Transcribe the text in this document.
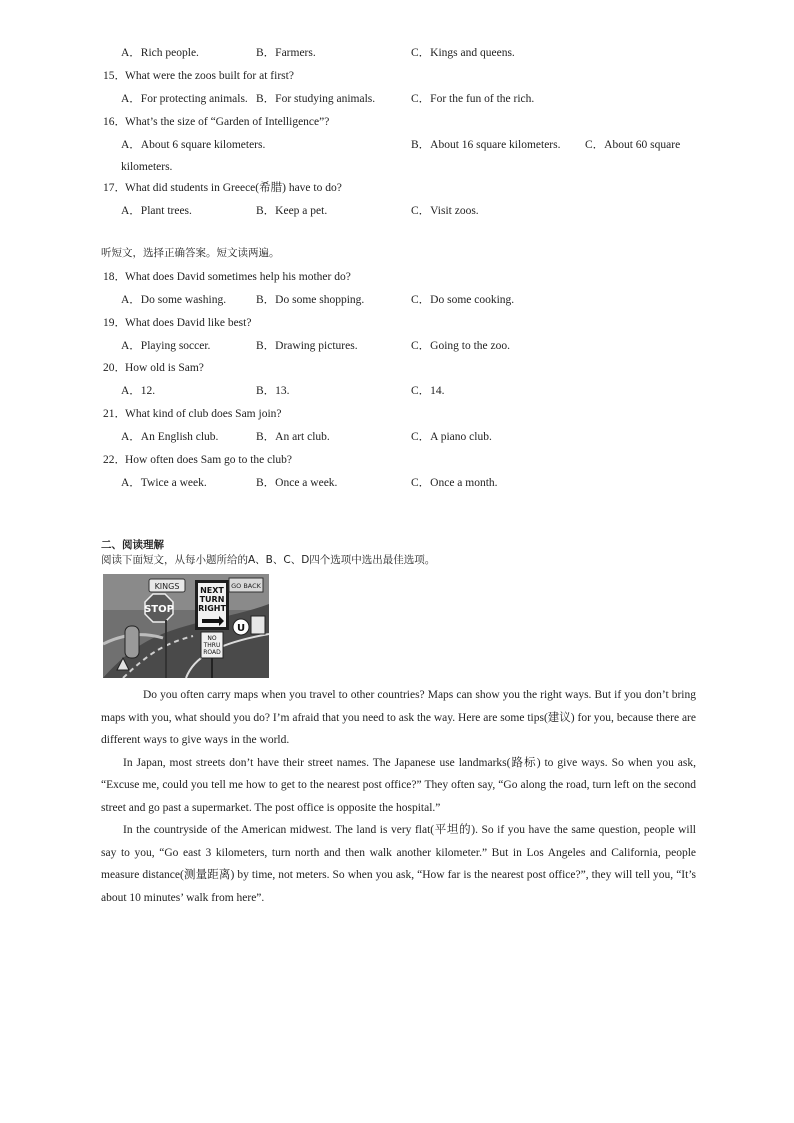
A．Rich people.	B．Farmers.	C．Kings and queens.
15． What were the zoos built for at first?
A．For protecting animals. B．For studying animals.	C．For the fun of the rich.
16． What’s the size of “Garden of Intelligence”?
A．About 6 square kilometers.	B．About 16 square kilometers. C．About 60 square
kilometers.
17． What did students in Greece(希腊) have to do?
A．Plant trees.	B．Keep a pet.	C．Visit zoos.
听短文，选择正确答案。短文读两遍。
18． What does David sometimes help his mother do?
A．Do some washing.	B．Do some shopping.	C．Do some cooking.
19． What does David like best?
A．Playing soccer.	B．Drawing pictures.	C．Going to the zoo.
20． How old is Sam?
A．12.	B．13.	C．14.
21． What kind of club does Sam join?
A．An English club.	B．An art club.	C．A piano club.
22． How often does Sam go to the club?
A．Twice a week.	B．Once a week.	C．Once a month.
二、阅读理解
阅读下面短文，从每小题所给的A、B、C、D四个选项中选出最佳选项。
KINGS
STOP
NEXT
TURN
RIGHT
GO BACK
NO
THRU
ROAD
U

Do you often carry maps when you travel to other countries? Maps can show you the right ways. But if you don’t bring maps with you, what should you do? I’m afraid that you need to ask the way. Here are some tips(建议) for you, because there are different ways to give ways in the world.

In Japan, most streets don’t have their street names. The Japanese use landmarks(路标) to give ways. So when you ask, “Excuse me, could you tell me how to get to the nearest post office?” They often say, “Go along the road, turn left on the second street and go past a supermarket. The post office is opposite the hospital.”

In the countryside of the American midwest. The land is very flat(平坦的). So if you have the same question, people will say to you, “Go east 3 kilometers, turn north and then walk another kilometer.” But in Los Angeles and California, people measure distance(测量距离) by time, not meters. So when you ask, “How far is the nearest post office?”, they will tell you, “It’s about 10 minutes’ walk from here”.
